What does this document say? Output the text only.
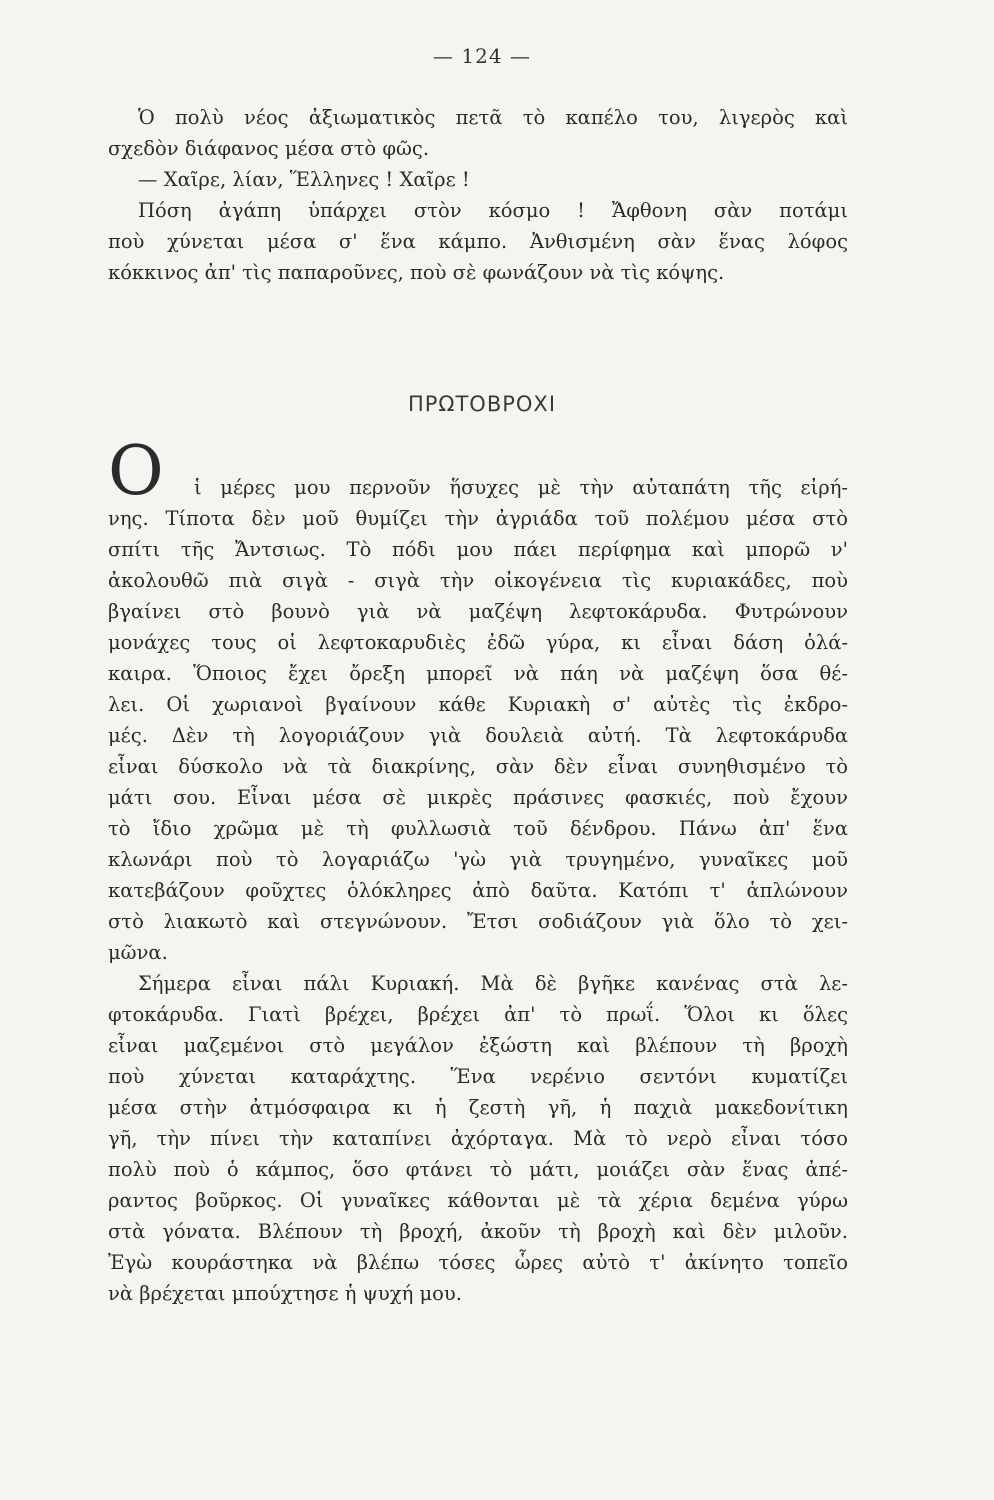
— 124 —
Ὁ πολὺ νέος ἀξιωματικὸς πετᾶ τὸ καπέλο του, λιγερὸς καὶ
σχεδὸν διάφανος μέσα στὸ φῶς.
— Χαῖρε, λίαν, Ἕλληνες ! Χαῖρε !
Πόση ἀγάπη ὑπάρχει στὸν κόσμο ! Ἄφθονη σὰν ποτάμι
ποὺ χύνεται μέσα σ' ἕνα κάμπο. Ἀνθισμένη σὰν ἕνας λόφος
κόκκινος ἀπ' τὶς παπαροῦνες, ποὺ σὲ φωνάζουν νὰ τὶς κόψης.
ΠΡΩΤΟΒΡΟΧΙ
Ο ἱ μέρες μου περνοῦν ἥσυχες μὲ τὴν αὐταπάτη τῆς εἰρή-
νης. Τίποτα δὲν μοῦ θυμίζει τὴν ἀγριάδα τοῦ πολέμου μέσα στὸ
σπίτι τῆς Ἄντσιως. Τὸ πόδι μου πάει περίφημα καὶ μπορῶ ν'
ἀκολουθῶ πιὰ σιγὰ - σιγὰ τὴν οἰκογένεια τὶς κυριακάδες, ποὺ
βγαίνει στὸ βουνὸ γιὰ νὰ μαζέψη λεφτοκάρυδα. Φυτρώνουν
μονάχες τους οἱ λεφτοκαρυδιὲς ἐδῶ γύρα, κι εἶναι δάση ὁλά-
καιρα. Ὅποιος ἔχει ὄρεξη μπορεῖ νὰ πάη νὰ μαζέψη ὅσα θέ-
λει. Οἱ χωριανοὶ βγαίνουν κάθε Κυριακὴ σ' αὐτὲς τὶς ἐκδρο-
μές. Δὲν τὴ λογοριάζουν γιὰ δουλειὰ αὐτή. Τὰ λεφτοκάρυδα
εἶναι δύσκολο νὰ τὰ διακρίνης, σὰν δὲν εἶναι συνηθισμένο τὸ
μάτι σου. Εἶναι μέσα σὲ μικρὲς πράσινες φασκιές, ποὺ ἔχουν
τὸ ἴδιο χρῶμα μὲ τὴ φυλλωσιὰ τοῦ δένδρου. Πάνω ἀπ' ἕνα
κλωνάρι ποὺ τὸ λογαριάζω 'γὼ γιὰ τρυγημένο, γυναῖκες μοῦ
κατεβάζουν φοῦχτες ὁλόκληρες ἀπὸ δαῦτα. Κατόπι τ' ἁπλώνουν
στὸ λιακωτὸ καὶ στεγνώνουν. Ἔτσι σοδιάζουν γιὰ ὅλο τὸ χει-
μῶνα.
Σήμερα εἶναι πάλι Κυριακή. Μὰ δὲ βγῆκε κανένας στὰ λε-
φτοκάρυδα. Γιατὶ βρέχει, βρέχει ἀπ' τὸ πρωΐ. Ὅλοι κι ὅλες
εἶναι μαζεμένοι στὸ μεγάλον ἐξώστη καὶ βλέπουν τὴ βροχὴ
ποὺ χύνεται καταράχτης. Ἕνα νερένιο σεντόνι κυματίζει
μέσα στὴν ἀτμόσφαιρα κι ἡ ζεστὴ γῆ, ἡ παχιὰ μακεδονίτικη
γῆ, τὴν πίνει τὴν καταπίνει ἀχόρταγα. Μὰ τὸ νερὸ εἶναι τόσο
πολὺ ποὺ ὁ κάμπος, ὅσο φτάνει τὸ μάτι, μοιάζει σὰν ἕνας ἀπέ-
ραντος βοῦρκος. Οἱ γυναῖκες κάθονται μὲ τὰ χέρια δεμένα γύρω
στὰ γόνατα. Βλέπουν τὴ βροχή, ἀκοῦν τὴ βροχὴ καὶ δὲν μιλοῦν.
Ἐγὼ κουράστηκα νὰ βλέπω τόσες ὧρες αὐτὸ τ' ἀκίνητο τοπεῖο
νὰ βρέχεται μπούχτησε ἡ ψυχή μου.
